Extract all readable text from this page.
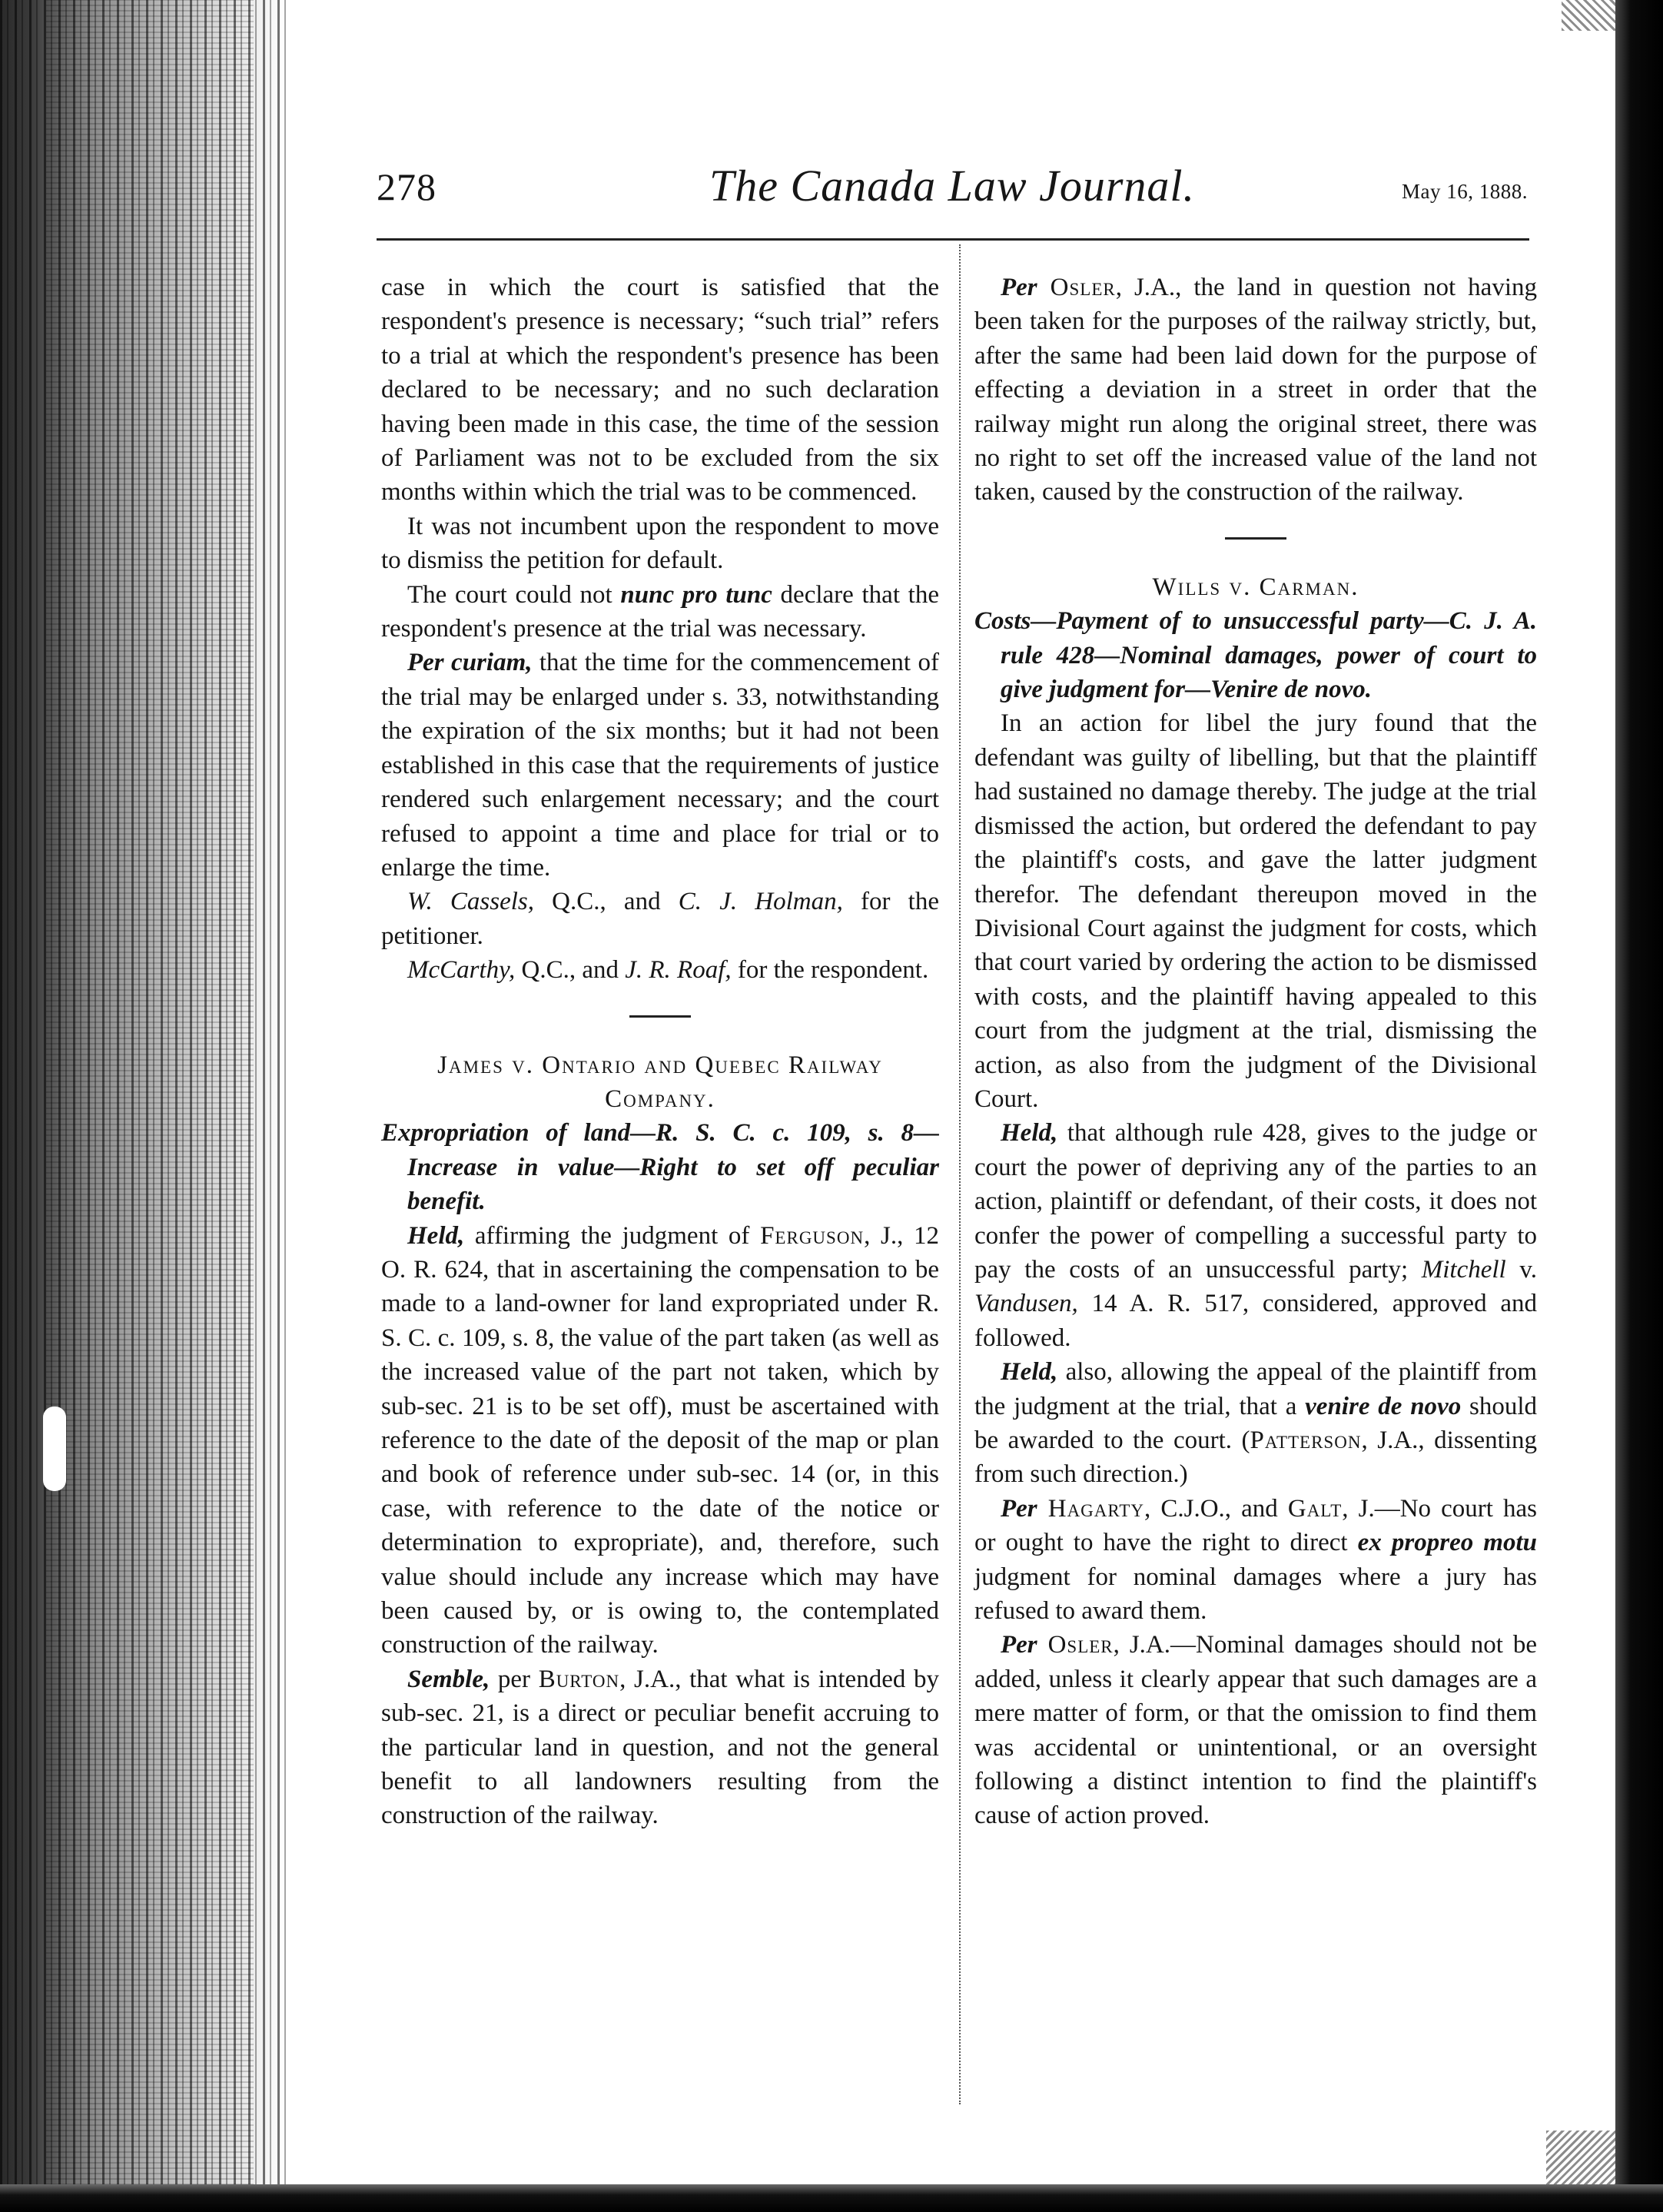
278	The Canada Law Journal.	May 16, 1888.

case in which the court is satisfied that the respondent's presence is necessary; “such trial” refers to a trial at which the respondent's presence has been declared to be necessary; and no such declaration having been made in this case, the time of the session of Parliament was not to be excluded from the six months within which the trial was to be commenced.

It was not incumbent upon the respondent to move to dismiss the petition for default.

The court could not nunc pro tunc declare that the respondent's presence at the trial was necessary.

Per curiam, that the time for the commencement of the trial may be enlarged under s. 33, notwithstanding the expiration of the six months; but it had not been established in this case that the requirements of justice rendered such enlargement necessary; and the court refused to appoint a time and place for trial or to enlarge the time.

W. Cassels, Q.C., and C. J. Holman, for the petitioner.

McCarthy, Q.C., and J. R. Roaf, for the respondent.

James v. Ontario and Quebec Railway Company.

Expropriation of land—R. S. C. c. 109, s. 8—Increase in value—Right to set off peculiar benefit.

Held, affirming the judgment of Ferguson, J., 12 O. R. 624, that in ascertaining the compensation to be made to a land-owner for land expropriated under R. S. C. c. 109, s. 8, the value of the part taken (as well as the increased value of the part not taken, which by sub-sec. 21 is to be set off), must be ascertained with reference to the date of the deposit of the map or plan and book of reference under sub-sec. 14 (or, in this case, with reference to the date of the notice or determination to expropriate), and, therefore, such value should include any increase which may have been caused by, or is owing to, the contemplated construction of the railway.

Semble, per Burton, J.A., that what is intended by sub-sec. 21, is a direct or peculiar benefit accruing to the particular land in question, and not the general benefit to all landowners resulting from the construction of the railway.

Per Osler, J.A., the land in question not having been taken for the purposes of the railway strictly, but, after the same had been laid down for the purpose of effecting a deviation in a street in order that the railway might run along the original street, there was no right to set off the increased value of the land not taken, caused by the construction of the railway.

Wills v. Carman.

Costs—Payment of to unsuccessful party—C. J. A. rule 428—Nominal damages, power of court to give judgment for—Venire de novo.

In an action for libel the jury found that the defendant was guilty of libelling, but that the plaintiff had sustained no damage thereby. The judge at the trial dismissed the action, but ordered the defendant to pay the plaintiff's costs, and gave the latter judgment therefor. The defendant thereupon moved in the Divisional Court against the judgment for costs, which that court varied by ordering the action to be dismissed with costs, and the plaintiff having appealed to this court from the judgment at the trial, dismissing the action, as also from the judgment of the Divisional Court.

Held, that although rule 428, gives to the judge or court the power of depriving any of the parties to an action, plaintiff or defendant, of their costs, it does not confer the power of compelling a successful party to pay the costs of an unsuccessful party; Mitchell v. Vandusen, 14 A. R. 517, considered, approved and followed.

Held, also, allowing the appeal of the plaintiff from the judgment at the trial, that a venire de novo should be awarded to the court. (Patterson, J.A., dissenting from such direction.)

Per Hagarty, C.J.O., and Galt, J.—No court has or ought to have the right to direct ex propreo motu judgment for nominal damages where a jury has refused to award them.

Per Osler, J.A.—Nominal damages should not be added, unless it clearly appear that such damages are a mere matter of form, or that the omission to find them was accidental or unintentional, or an oversight following a distinct intention to find the plaintiff's cause of action proved.
